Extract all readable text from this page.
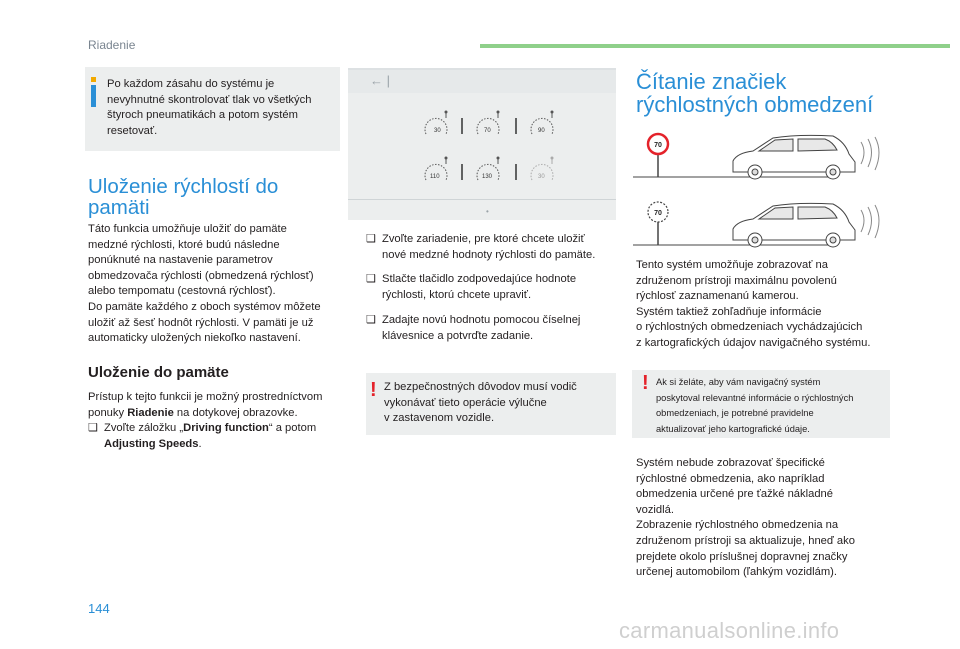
Riadenie
Po každom zásahu do systému je nevyhnutné skontrolovať tlak vo všetkých štyroch pneumatikách a potom systém resetovať.
Uloženie rýchlostí do
pamäti
Táto funkcia umožňuje uložiť do pamäte
medzné rýchlosti, ktoré budú následne
ponúknuté na nastavenie parametrov
obmedzovača rýchlosti (obmedzená rýchlosť)
alebo tempomatu (cestovná rýchlosť).
Do pamäte každého z oboch systémov môžete
uložiť až šesť hodnôt rýchlosti. V pamäti je už
automaticky uložených niekoľko nastavení.
Uloženie do pamäte
Prístup k tejto funkcii je možný prostredníctvom
ponuky Riadenie na dotykovej obrazovke.
❑ Zvoľte záložku „Driving function“ a potom
Adjusting Speeds.
← |
30	70	90
110	130	30
•
❑ Zvoľte zariadenie, pre ktoré chcete uložiť
nové medzné hodnoty rýchlosti do pamäte.
❑ Stlačte tlačidlo zodpovedajúce hodnote
rýchlosti, ktorú chcete upraviť.
❑ Zadajte novú hodnotu pomocou číselnej
klávesnice a potvrďte zadanie.
! Z bezpečnostných dôvodov musí vodič
vykonávať tieto operácie výlučne
v zastavenom vozidle.
Čítanie značiek
rýchlostných obmedzení
70
70
Tento systém umožňuje zobrazovať na
združenom prístroji maximálnu povolenú
rýchlosť zaznamenanú kamerou.
Systém taktiež zohľadňuje informácie
o rýchlostných obmedzeniach vychádzajúcich
z kartografických údajov navigačného systému.
! Ak si želáte, aby vám navigačný systém
poskytoval relevantné informácie o rýchlostných
obmedzeniach, je potrebné pravidelne
aktualizovať jeho kartografické údaje.
Systém nebude zobrazovať špecifické
rýchlostné obmedzenia, ako napríklad
obmedzenia určené pre ťažké nákladné
vozidlá.
Zobrazenie rýchlostného obmedzenia na
združenom prístroji sa aktualizuje, hneď ako
prejdete okolo príslušnej dopravnej značky
určenej automobilom (ľahkým vozidlám).
144
carmanualsonline.info
